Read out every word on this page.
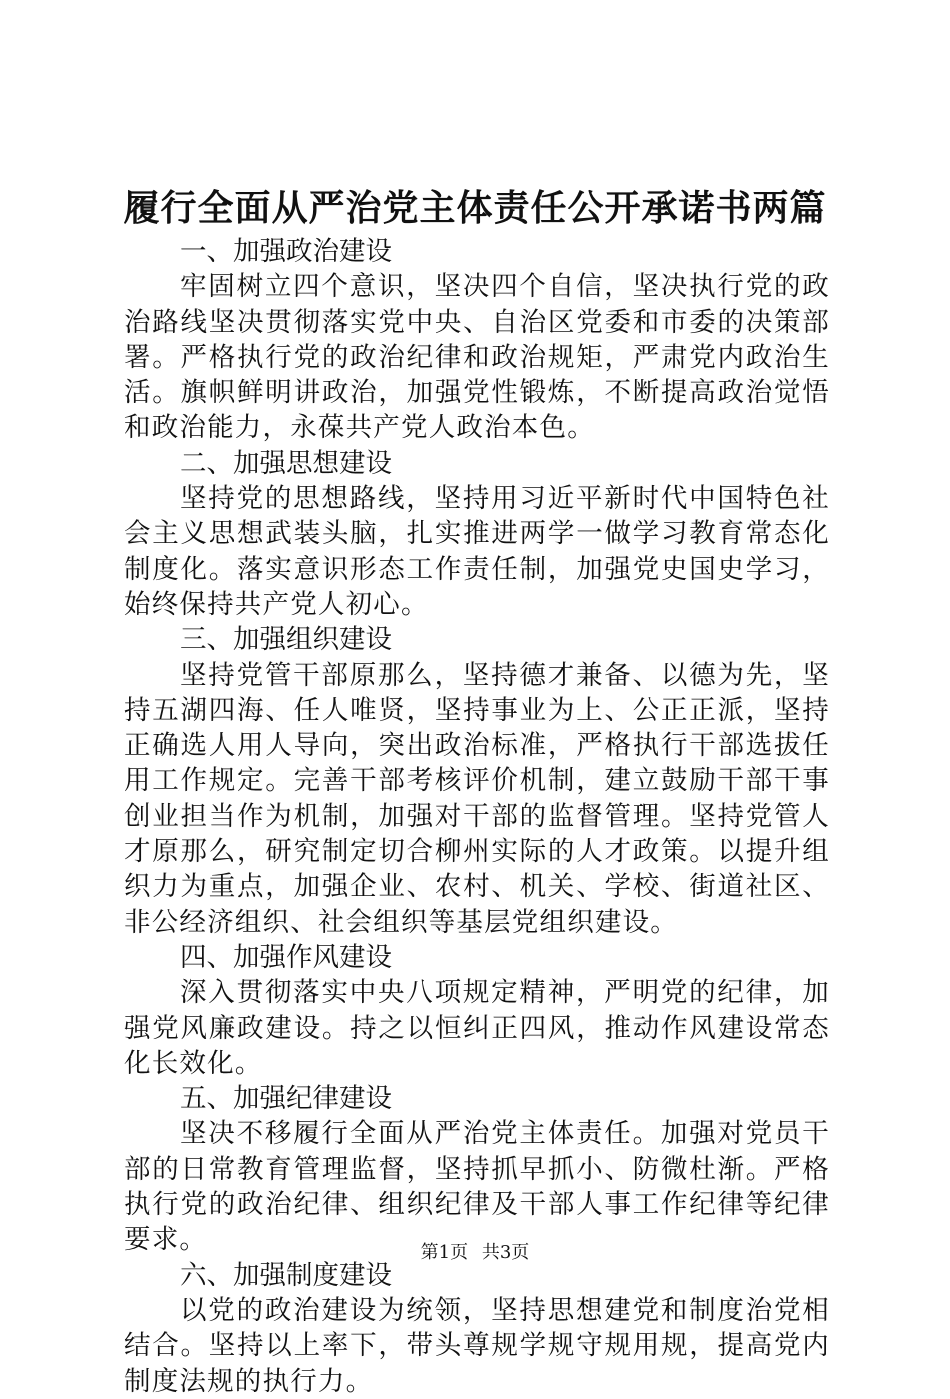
履行全面从严治党主体责任公开承诺书两篇
一、加强政治建设

牢固树立四个意识，坚决四个自信，坚决执行党的政治路线坚决贯彻落实党中央、自治区党委和市委的决策部署。严格执行党的政治纪律和政治规矩，严肃党内政治生活。旗帜鲜明讲政治，加强党性锻炼，不断提高政治觉悟和政治能力，永葆共产党人政治本色。

二、加强思想建设

坚持党的思想路线，坚持用习近平新时代中国特色社会主义思想武装头脑，扎实推进两学一做学习教育常态化制度化。落实意识形态工作责任制，加强党史国史学习，始终保持共产党人初心。

三、加强组织建设

坚持党管干部原那么，坚持德才兼备、以德为先，坚持五湖四海、任人唯贤，坚持事业为上、公正正派，坚持正确选人用人导向，突出政治标准，严格执行干部选拔任用工作规定。完善干部考核评价机制，建立鼓励干部干事创业担当作为机制，加强对干部的监督管理。坚持党管人才原那么，研究制定切合柳州实际的人才政策。以提升组织力为重点，加强企业、农村、机关、学校、街道社区、非公经济组织、社会组织等基层党组织建设。

四、加强作风建设

深入贯彻落实中央八项规定精神，严明党的纪律，加强党风廉政建设。持之以恒纠正四风，推动作风建设常态化长效化。

五、加强纪律建设

坚决不移履行全面从严治党主体责任。加强对党员干部的日常教育管理监督，坚持抓早抓小、防微杜渐。严格执行党的政治纪律、组织纪律及干部人事工作纪律等纪律要求。

六、加强制度建设

以党的政治建设为统领，坚持思想建党和制度治党相结合。坚持以上率下，带头尊规学规守规用规，提高党内制度法规的执行力。

第1页 共3页
